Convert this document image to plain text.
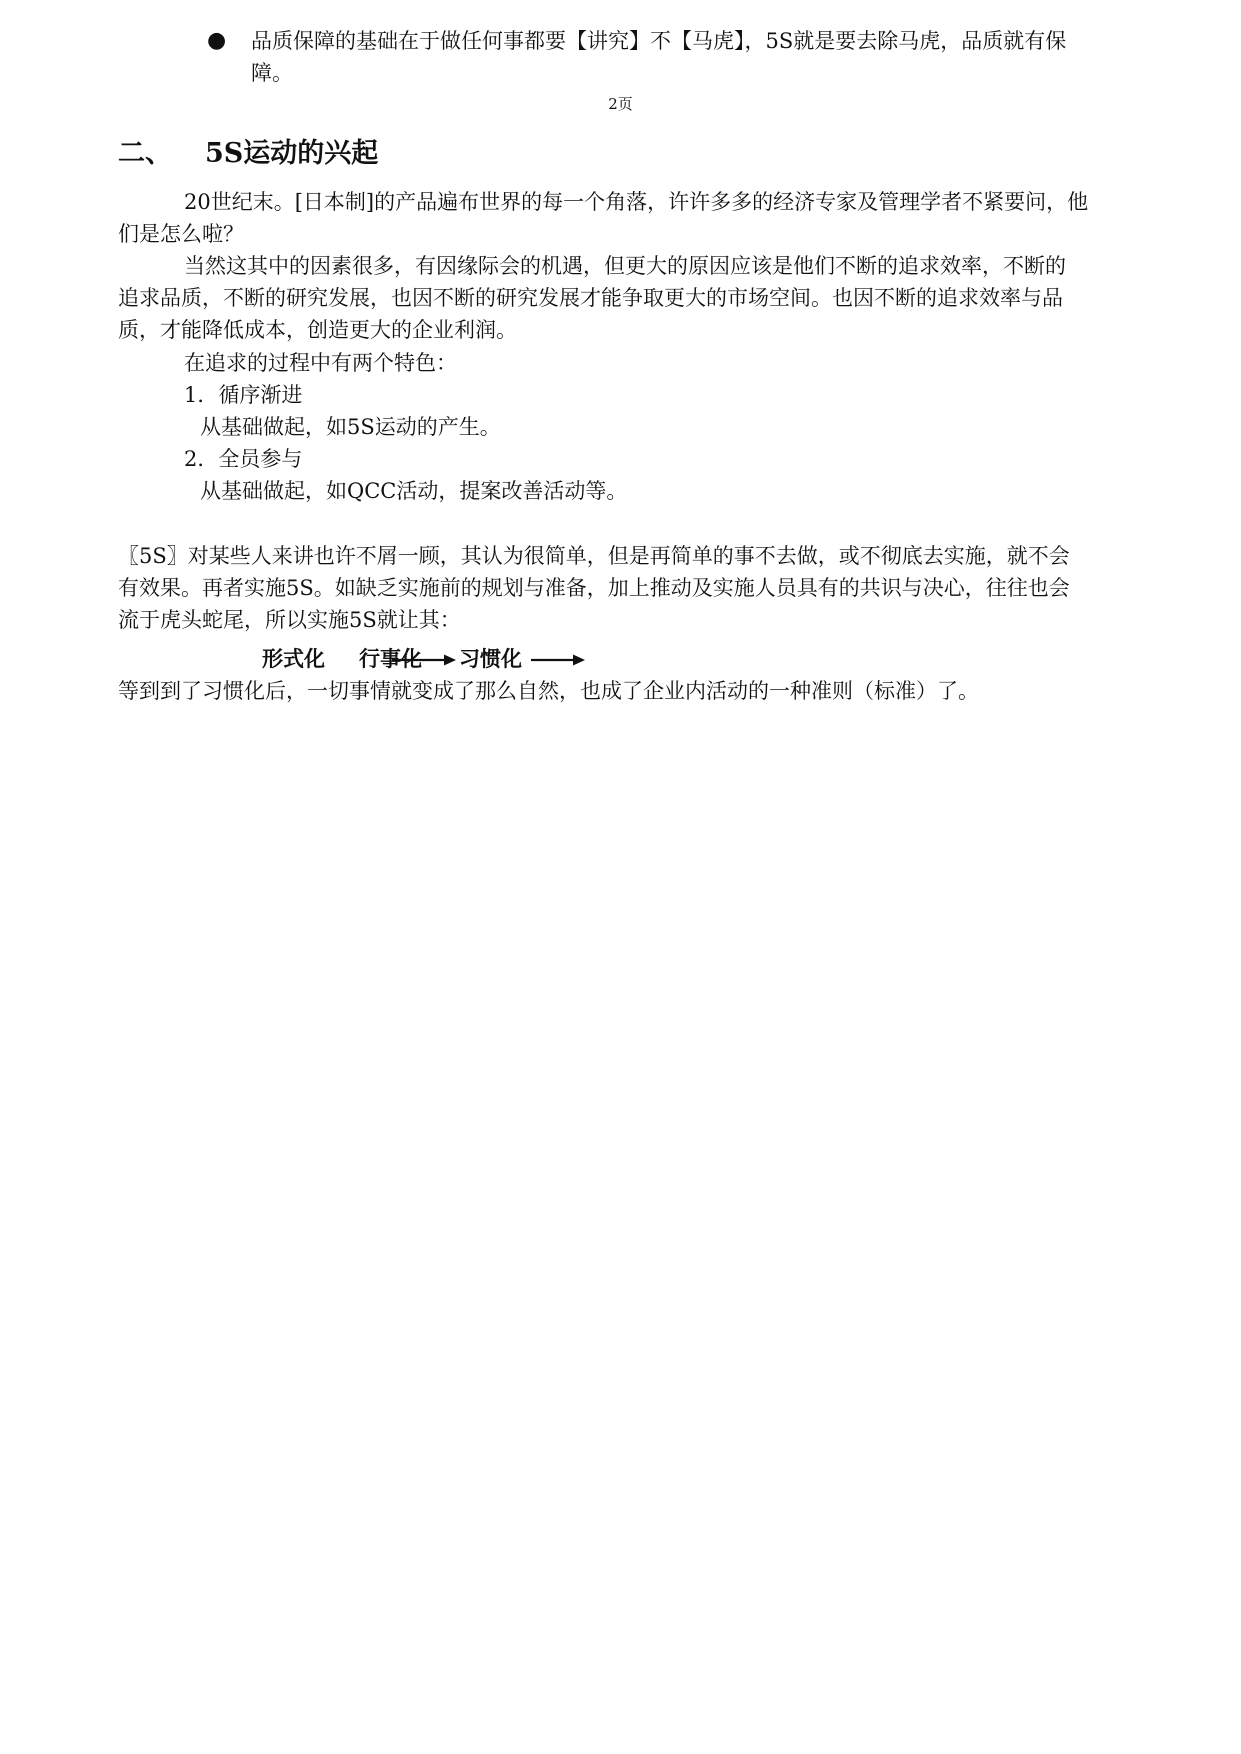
● 品质保障的基础在于做任何事都要【讲究】不【马虎】，5S就是要去除马虎，品质就有保
障。
2页
二、 5S运动的兴起
20世纪末。[日本制]的产品遍布世界的每一个角落，许许多多的经济专家及管理学者不紧要问，他
们是怎么啦？
当然这其中的因素很多，有因缘际会的机遇，但更大的原因应该是他们不断的追求效率，不断的
追求品质，不断的研究发展，也因不断的研究发展才能争取更大的市场空间。也因不断的追求效率与品
质，才能降低成本，创造更大的企业利润。
在追求的过程中有两个特色：
1．循序渐进
从基础做起，如5S运动的产生。
2．全员参与
从基础做起，如QCC活动，提案改善活动等。
〖5S〗对某些人来讲也许不屑一顾，其认为很简单，但是再简单的事不去做，或不彻底去实施，就不会
有效果。再者实施5S。如缺乏实施前的规划与准备，加上推动及实施人员具有的共识与决心，往往也会
流于虎头蛇尾，所以实施5S就让其：
形式化 行事化 习惯化
等到到了习惯化后，一切事情就变成了那么自然，也成了企业内活动的一种准则（标准）了。
